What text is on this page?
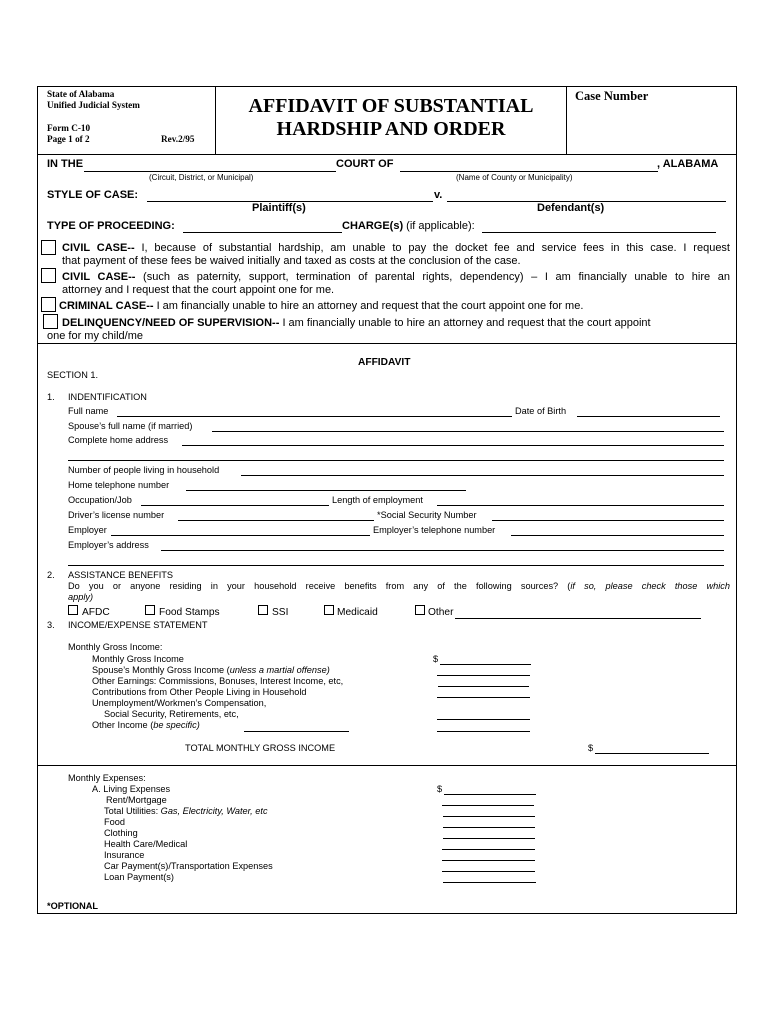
State of Alabama
Unified Judicial System
Form C-10
Page 1 of 2	Rev.2/95
AFFIDAVIT OF SUBSTANTIAL
HARDSHIP AND ORDER
Case Number
IN THE	COURT OF	, ALABAMA
(Circuit, District, or Municipal)	(Name of County or Municipality)
STYLE OF CASE:	v.
Plaintiff(s)	Defendant(s)
TYPE OF PROCEEDING:	CHARGE(s) (if applicable):
CIVIL CASE-- I, because of substantial hardship, am unable to pay the docket fee and service fees in this case. I request
that payment of these fees be waived initially and taxed as costs at the conclusion of the case.
CIVIL CASE-- (such as paternity, support, termination of parental rights, dependency) – I am financially unable to hire an
attorney and I request that the court appoint one for me.
CRIMINAL CASE-- I am financially unable to hire an attorney and request that the court appoint one for me.
DELINQUENCY/NEED OF SUPERVISION-- I am financially unable to hire an attorney and request that the court appoint
one for my child/me
AFFIDAVIT
SECTION 1.
1. INDENTIFICATION
Full name	Date of Birth
Spouse’s full name (if married)
Complete home address
Number of people living in household
Home telephone number
Occupation/Job	Length of employment
Driver’s license number	*Social Security Number
Employer	Employer’s telephone number
Employer’s address
2. ASSISTANCE BENEFITS
Do you or anyone residing in your household receive benefits from any of the following sources? (if so, please check those which
apply)
AFDC	Food Stamps	SSI	Medicaid	Other
3. INCOME/EXPENSE STATEMENT
Monthly Gross Income:
Monthly Gross Income	$
Spouse’s Monthly Gross Income (unless a martial offense)
Other Earnings: Commissions, Bonuses, Interest Income, etc,
Contributions from Other People Living in Household
Unemployment/Workmen’s Compensation,
Social Security, Retirements, etc,
Other Income (be specific)
TOTAL MONTHLY GROSS INCOME	$
Monthly Expenses:
A. Living Expenses	$
Rent/Mortgage
Total Utilities: Gas, Electricity, Water, etc
Food
Clothing
Health Care/Medical
Insurance
Car Payment(s)/Transportation Expenses
Loan Payment(s)
*OPTIONAL
